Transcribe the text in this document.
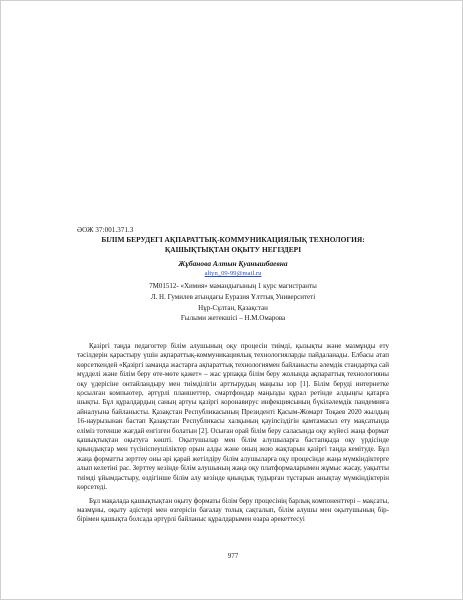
ӘОЖ 37:001.371.3
БІЛІМ БЕРУДЕГІ АҚПАРАТТЫҚ-КОММУНИКАЦИЯЛЫҚ ТЕХНОЛОГИЯ:
ҚАШЫҚТЫҚТАН ОҚЫТУ НЕГІЗДЕРІ
Жұбанова Алтын Қуанышбаевна
altyn_09-99@mail.ru
7M01512- «Химия» мамандығының 1 курс магистранты
Л. Н. Гумилев атындағы Еуразия Ұлттық Университеті
Нұр-Сұлтан, Қазақстан
Ғылыми жетекшісі – Н.М.Омарова

Қазіргі таңда педагогтер білім алушының оқу процесін тиімді, қызықты және мазмұнды ету тәсілдерін қарастыру үшін ақпараттық-коммуникациялық технологияларды пайдаланады. Елбасы атап көрсеткендей «Қазіргі заманда жастарға ақпараттық технологиямен байланысты әлемдік стандартқа сай мүдделі және білім беру өте-мөте қажет» – жас ұрпаққа білім беру жолында ақпараттық технологияны оқу үдерісіне онтайландыру мен тиімділігін арттырудың маңызы зор [1]. Білім беруді интернетке қосылған компьютер, әртүрлі планшеттер, смартфондар маңызды құрал ретінде алдыңғы қатарға шықты. Бұл құралдардың саның артуы қазіргі коронавирус инфекциясының бүкіләлемдік пандемияға айналуына байланысты. Қазақстан Республикасының Президенті Қасым-Жомарт Тоқаев 2020 жылдың 16-наурызынан бастап Қазақстан Республикасы халқының қауіпсіздігін қамтамасыз ету мақсатында еліміз тотенше жағдай енгізген болатын [2]. Осыған орай білім беру саласында оқу жүйесі жаңа формат қашықтықтан оқытуға көшті. Оқытушылар мен білім алушыларға бастапқыда оқу үрдісінде қиындықтар мен түсініспеушіліктер орын алды және оның жою жақтарын қазіргі таңда кемітуде. Бұл жаңа форматты зерттеу оны әрі қарай жетілдіру білім алушыларға оқу процесінде жаңа мүмкіндіктерге алып келетіні рас. Зерттеу кезінде білім алушының жаңа оқу платформаларымен жұмыс жасау, уақытты тиімді ұйымдастыру, өздігінше білім алу кезінде қиындық тудырған тұстарын анықтау мүмкіндіктерін көрсетеді.

Бұл мақалада қашықтықтан оқыту форматы білім беру процесінің барлық компоненттері – мақсаты, мазмұны, оқыту әдістері мен өзгерісін бағалау толық сақталып, білім алушы мен оқытушының бір-бірімен қашықта болсада әртүрлі байланыс құралдарымен өзара әрекеттесуі

977
